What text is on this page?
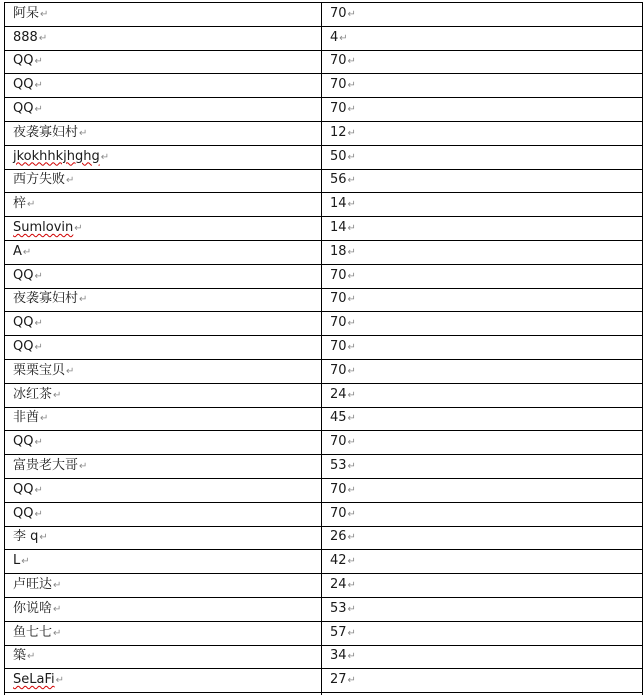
阿呆↵	70↵
888↵	4↵
QQ↵	70↵
QQ↵	70↵
QQ↵	70↵
夜袭寡妇村↵	12↵
jkokhhkjhghg↵	50↵
西方失败↵	56↵
梓↵	14↵
Sumlovin↵	14↵
A↵	18↵
QQ↵	70↵
夜袭寡妇村↵	70↵
QQ↵	70↵
QQ↵	70↵
栗栗宝贝↵	70↵
冰红茶↵	24↵
非酋↵	45↵
QQ↵	70↵
富贵老大哥↵	53↵
QQ↵	70↵
QQ↵	70↵
李 q↵	26↵
L↵	42↵
卢旺达↵	24↵
你说啥↵	53↵
鱼七七↵	57↵
築↵	34↵
SeLaFi↵	27↵
